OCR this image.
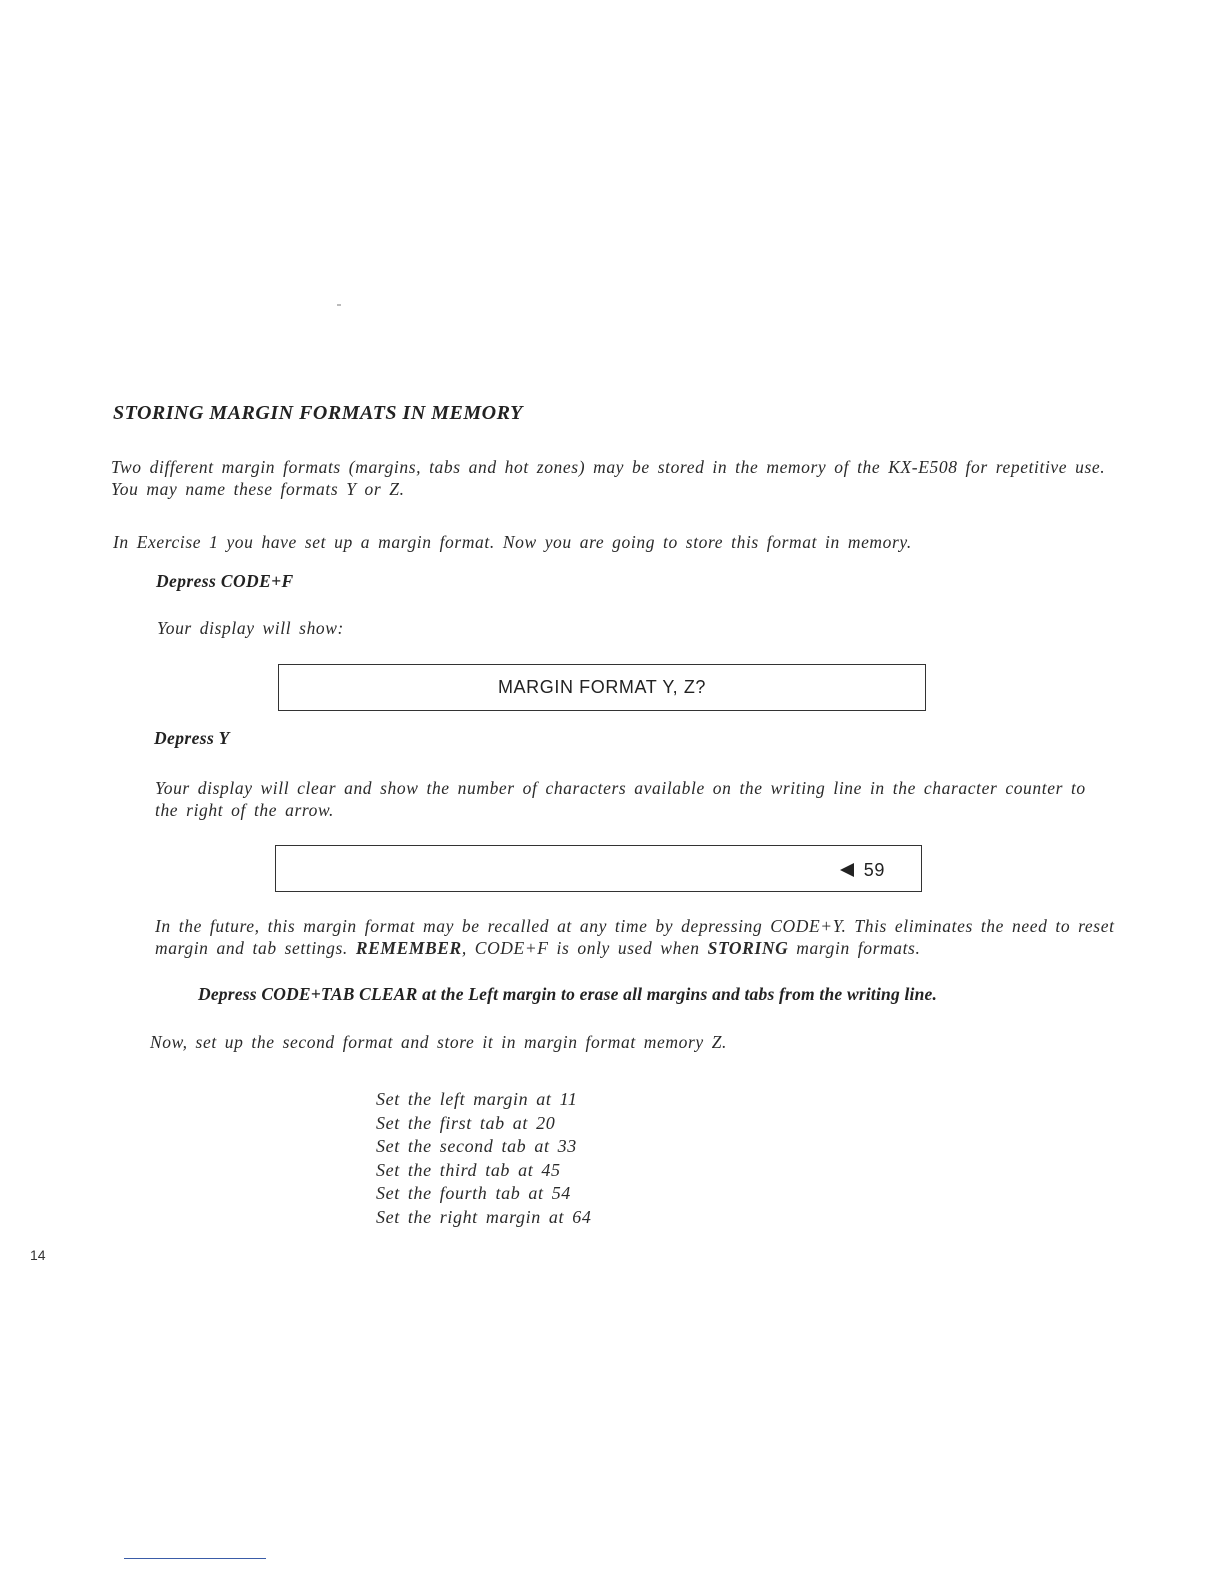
STORING MARGIN FORMATS IN MEMORY
Two different margin formats (margins, tabs and hot zones) may be stored in the memory of the KX-E508 for repetitive use. You may name these formats Y or Z.
In Exercise 1 you have set up a margin format. Now you are going to store this format in memory.
Depress CODE+F
Your display will show:
MARGIN FORMAT Y, Z?
Depress Y
Your display will clear and show the number of characters available on the writing line in the character counter to the right of the arrow.
59
In the future, this margin format may be recalled at any time by depressing CODE+Y. This eliminates the need to reset margin and tab settings. REMEMBER, CODE+F is only used when STORING margin formats.
Depress CODE+TAB CLEAR at the Left margin to erase all margins and tabs from the writing line.
Now, set up the second format and store it in margin format memory Z.
Set the left margin at 11
Set the first tab at 20
Set the second tab at 33
Set the third tab at 45
Set the fourth tab at 54
Set the right margin at 64
14
